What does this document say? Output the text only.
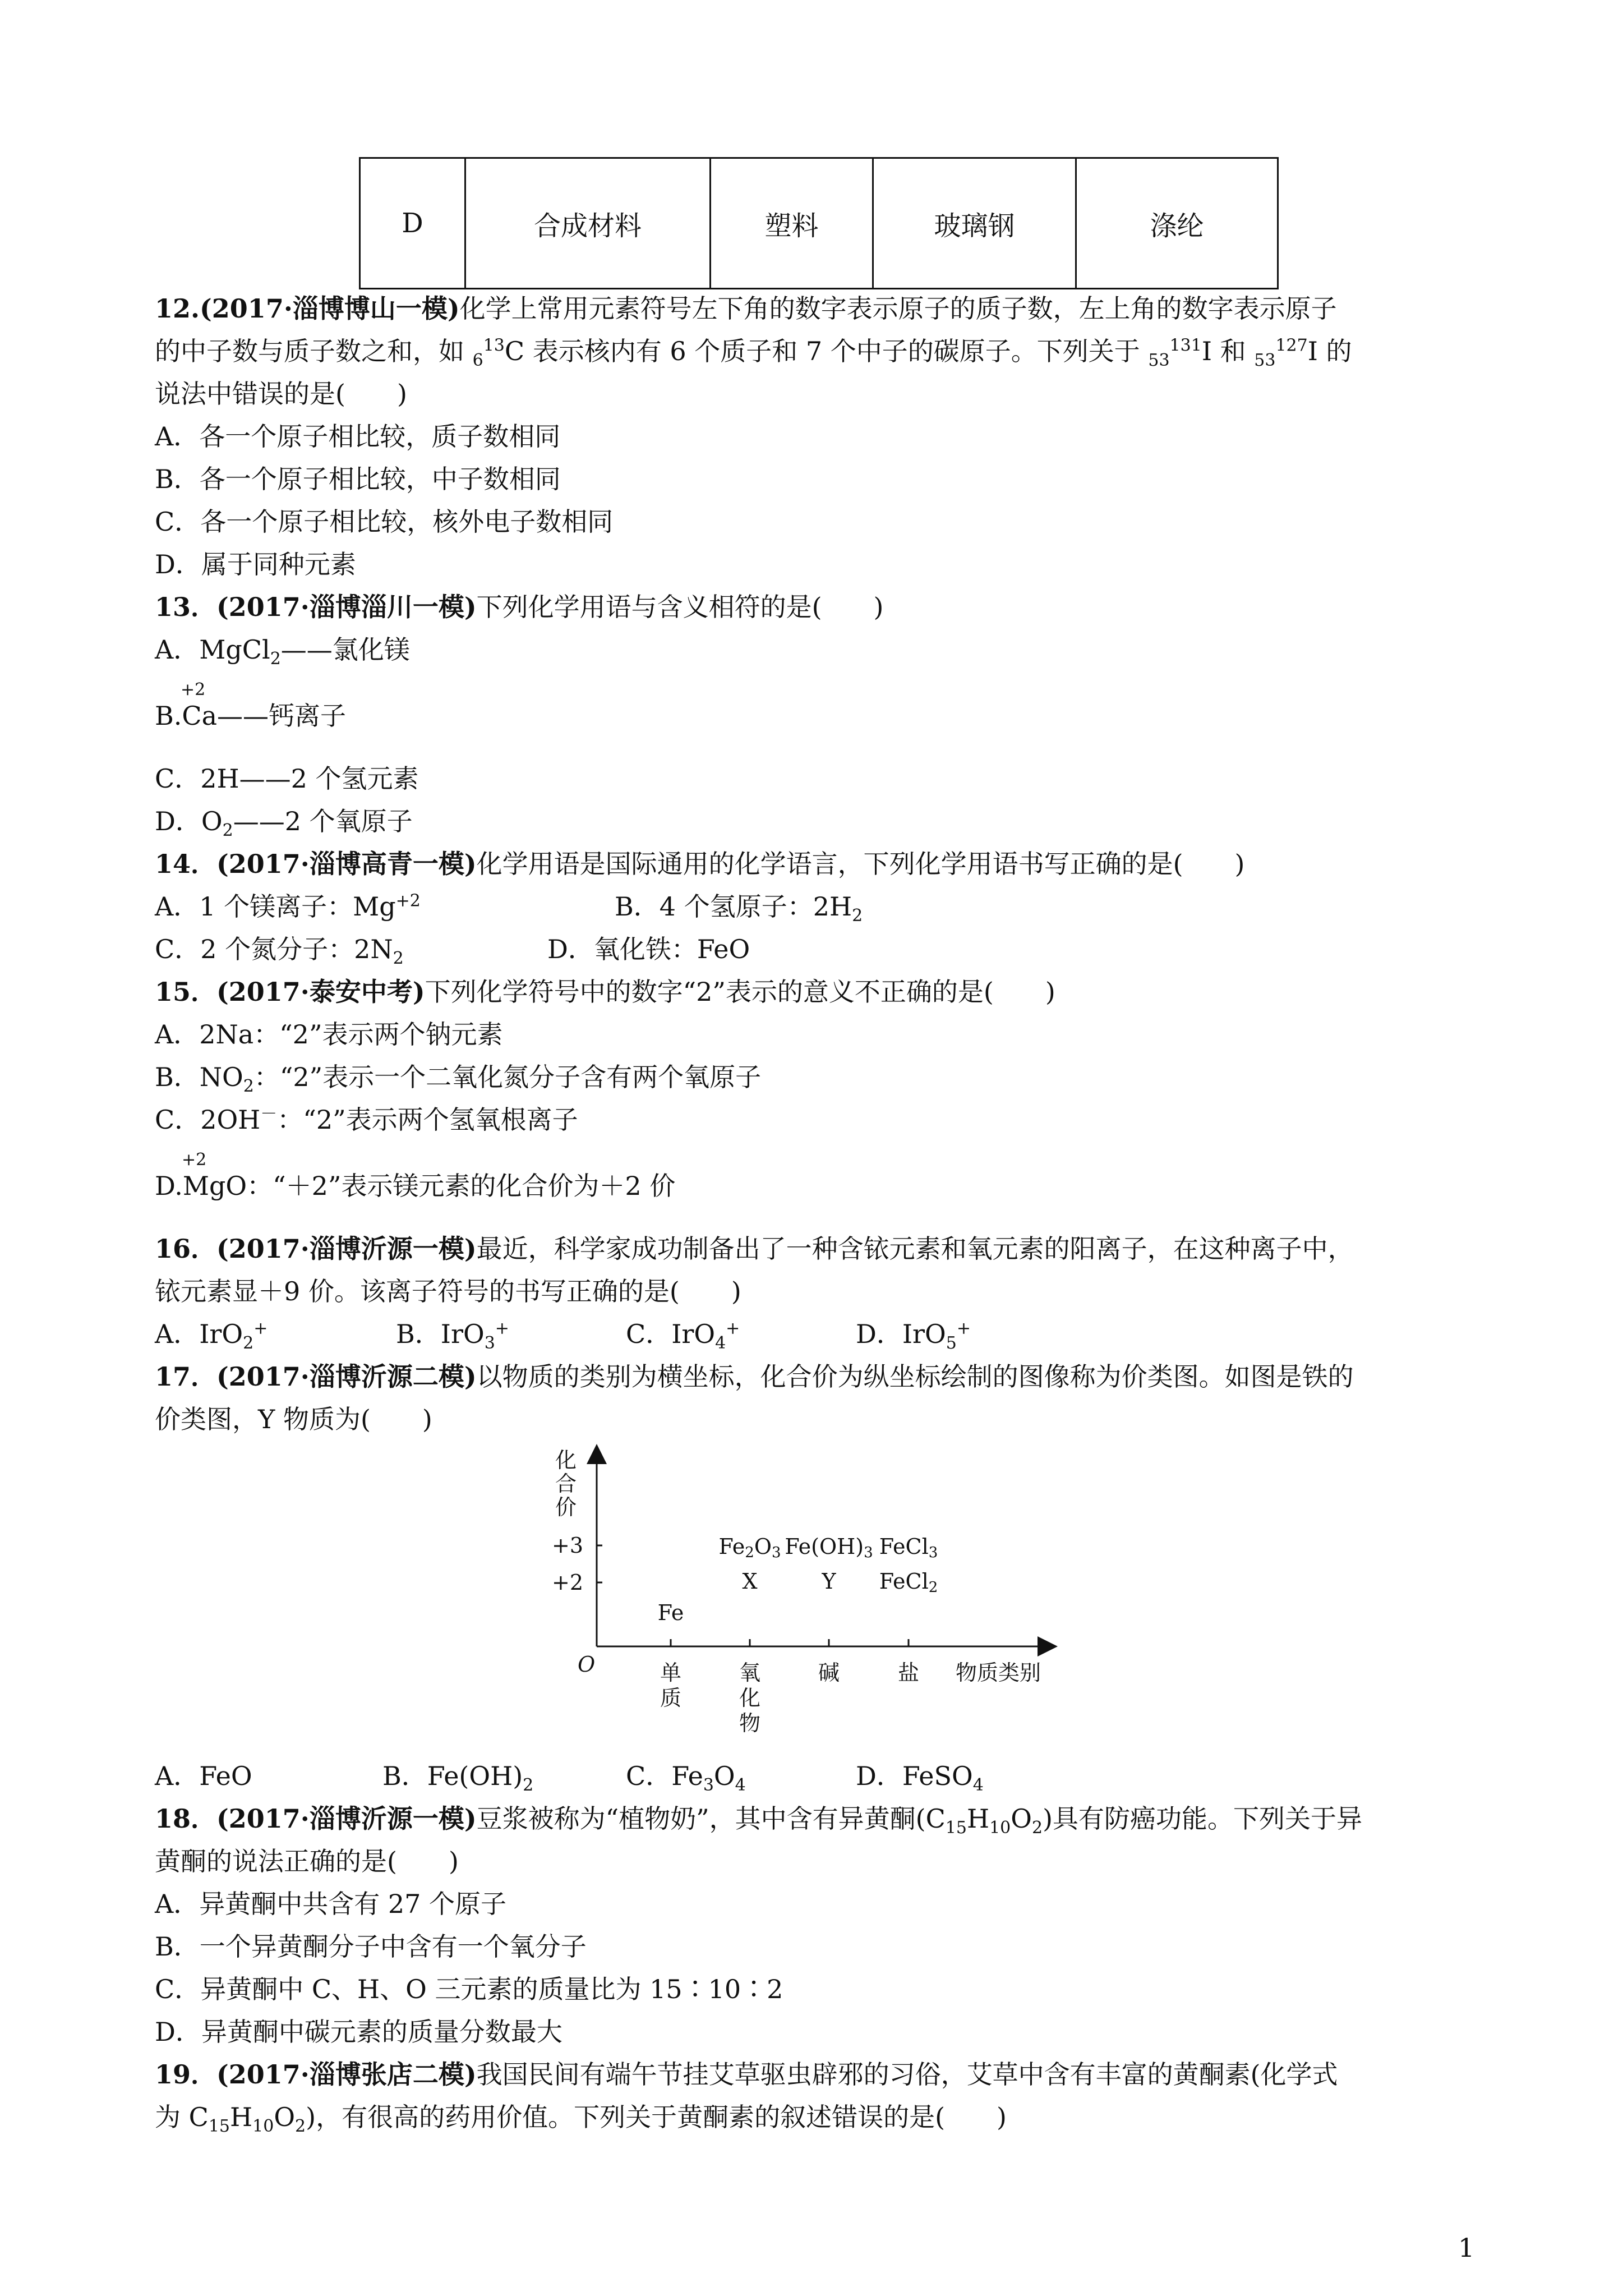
D	合成材料	塑料	玻璃钢	涤纶
12.(2017·淄博博山一模)化学上常用元素符号左下角的数字表示原子的质子数，左上角的数字表示原子
的中子数与质子数之和，如 $_6^{13}$C 表示核内有 6 个质子和 7 个中子的碳原子。下列关于 $_{53}^{131}$I 和 $_{53}^{127}$I 的
说法中错误的是(　　)
A．各一个原子相比较，质子数相同
B．各一个原子相比较，中子数相同
C．各一个原子相比较，核外电子数相同
D．属于同种元素
13．(2017·淄博淄川一模)下列化学用语与含义相符的是(　　)
A．MgCl$_2$——氯化镁
+2
B.Ca——钙离子
C．2H——2 个氢元素
D．$O_2——2$ 个氧原子
14．(2017·淄博高青一模)化学用语是国际通用的化学语言，下列化学用语书写正确的是(　　)
A．1 个镁离子：$Mg^{+2}$	B．4 个氢原子：$2H_2$
C．2 个氮分子：$2N_2$	D．氧化铁：FeO
15．(2017·泰安中考)下列化学符号中的数字“2”表示的意义不正确的是(　　)
A．2Na：“2”表示两个钠元素
B．$NO_2$：“2”表示一个二氧化氮分子含有两个氧原子
C．2OH－：“2”表示两个氢氧根离子
+2
D.MgO：“＋2”表示镁元素的化合价为＋2 价
16．(2017·淄博沂源一模)最近，科学家成功制备出了一种含铱元素和氧元素的阳离子，在这种离子中，
铱元素显＋9 价。该离子符号的书写正确的是(　　)
A．IrO$_2$+	B．IrO$_3$+	C．IrO$_4$+	D．IrO$_5$+
17．(2017·淄博沂源二模)以物质的类别为横坐标，化合价为纵坐标绘制的图像称为价类图。如图是铁的
价类图，Y 物质为(　　)
化
合
价
+3
+2
O	单
质
氧
化
物
碱	盐 物质类别
Fe
Fe2O3
X
Fe(OH)3
Y
FeCl3
FeCl2
A．FeO	B．$Fe(OH)_2$	C．$Fe_3O_4$	D．FeSO$_4$
18．(2017·淄博沂源一模)豆浆被称为“植物奶”，其中含有异黄酮$(C_{15}H_{10}O_2)$具有防癌功能。下列关于异
黄酮的说法正确的是(　　)
A．异黄酮中共含有 27 个原子
B．一个异黄酮分子中含有一个氧分子
C．异黄酮中 C、H、O 三元素的质量比为 15∶10∶2
D．异黄酮中碳元素的质量分数最大
19．(2017·淄博张店二模)我国民间有端午节挂艾草驱虫辟邪的习俗，艾草中含有丰富的黄酮素(化学式
为 $C_{15}H_{10}O_2$)，有很高的药用价值。下列关于黄酮素的叙述错误的是(　　)
1
